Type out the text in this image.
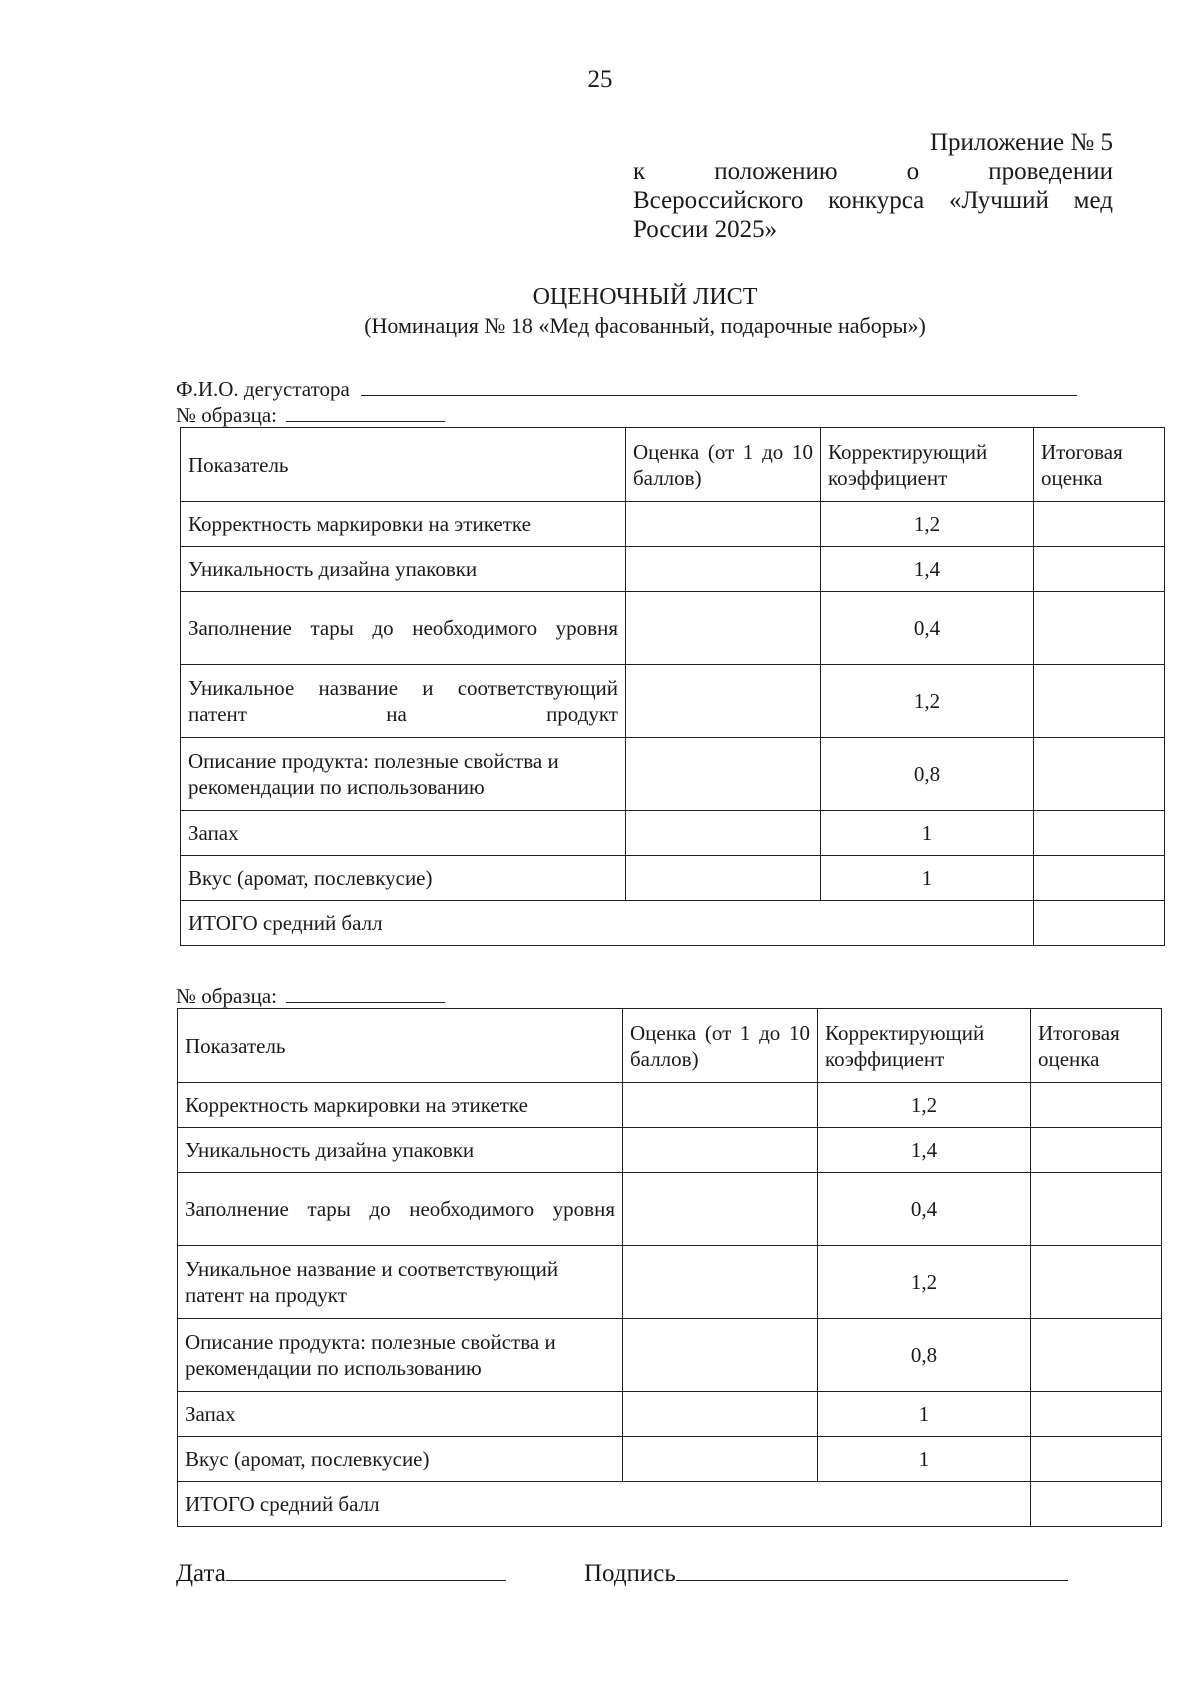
25
Приложение № 5
к положению о проведении
Всероссийского конкурса «Лучший мед
России 2025»
ОЦЕНОЧНЫЙ ЛИСТ
(Номинация № 18 «Мед фасованный, подарочные наборы»)
Ф.И.О. дегустатора
№ образца:
Показатель	Оценка (от 1 до 10 баллов)	Корректирующий коэффициент	Итоговая оценка
Корректность маркировки на этикетке		1,2	
Уникальность дизайна упаковки		1,4	
Заполнение тары до необходимого уровня		0,4	
Уникальное название и соответствующий патент на продукт		1,2	
Описание продукта: полезные свойства и рекомендации по использованию		0,8	
Запах		1	
Вкус (аромат, послевкусие)		1	
ИТОГО средний балл			
№ образца:
Показатель	Оценка (от 1 до 10 баллов)	Корректирующий коэффициент	Итоговая оценка
Корректность маркировки на этикетке		1,2	
Уникальность дизайна упаковки		1,4	
Заполнение тары до необходимого уровня		0,4	
Уникальное название и соответствующий патент на продукт		1,2	
Описание продукта: полезные свойства и рекомендации по использованию		0,8	
Запах		1	
Вкус (аромат, послевкусие)		1	
ИТОГО средний балл			
Дата	Подпись
